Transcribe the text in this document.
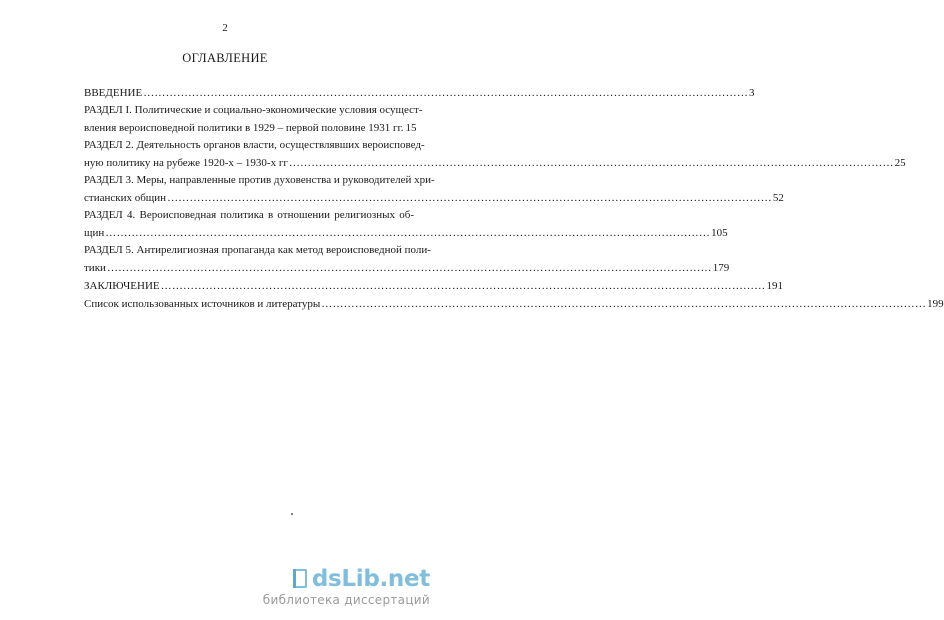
2
ОГЛАВЛЕНИЕ
ВВЕДЕНИЕ ……………………………………………………………………………………………………………………………………………… 3
РАЗДЕЛ I. Политические и социально-экономические условия осущест-
вления вероисповедной политики в 1929 – первой половине 1931 гг. 15
РАЗДЕЛ 2. Деятельность органов власти, осуществлявших вероисповед-
ную политику на рубеже 1920-х – 1930-х гг ……………………………………………………………………………………………………………………………………………… 25
РАЗДЕЛ 3. Меры, направленные против духовенства и руководителей хри-
стианских общин ……………………………………………………………………………………………………………………………………………… 52
РАЗДЕЛ 4. Вероисповедная политика в отношении религиозных об-
щин ……………………………………………………………………………………………………………………………………………… 105
РАЗДЕЛ 5. Антирелигиозная пропаганда как метод вероисповедной поли-
тики ……………………………………………………………………………………………………………………………………………… 179
ЗАКЛЮЧЕНИЕ ……………………………………………………………………………………………………………………………………………… 191
Список использованных источников и литературы ……………………………………………………………………………………………………………………………………………… 199
dsLib.net
библиотека диссертаций
